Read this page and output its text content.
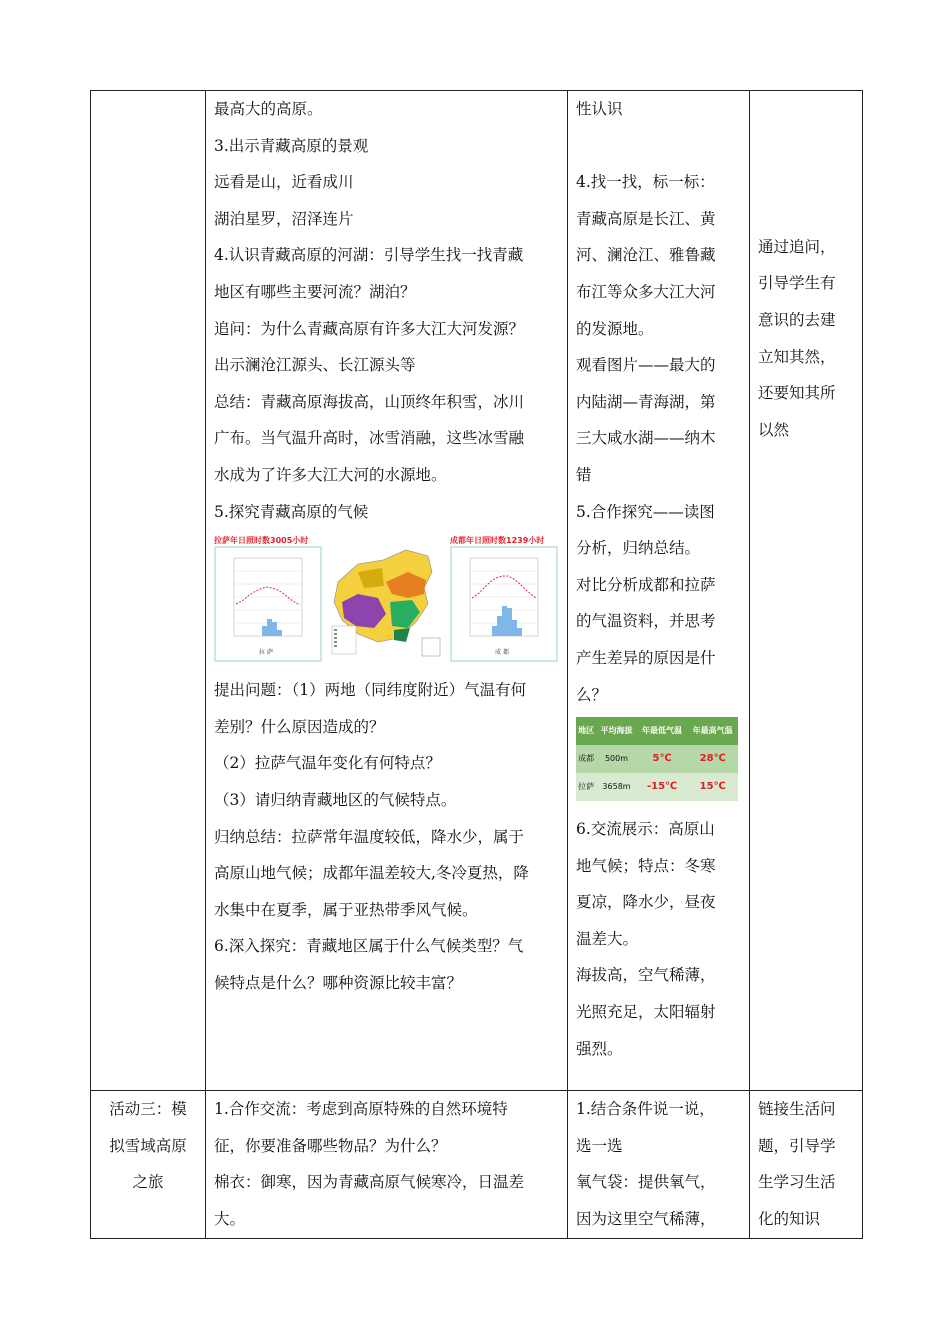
最高大的高原。
3.出示青藏高原的景观
远看是山，近看成川
湖泊星罗，沼泽连片
4.认识青藏高原的河湖：引导学生找一找青藏
地区有哪些主要河流？湖泊？
追问：为什么青藏高原有许多大江大河发源？
出示澜沧江源头、长江源头等
总结：青藏高原海拔高，山顶终年积雪，冰川
广布。当气温升高时，冰雪消融，这些冰雪融
水成为了许多大江大河的水源地。
5.探究青藏高原的气候
拉萨年日照时数3005小时
拉 萨
成都年日照时数1239小时
成 都
提出问题：（1）两地（同纬度附近）气温有何
差别？什么原因造成的？
（2）拉萨气温年变化有何特点？
（3）请归纳青藏地区的气候特点。
归纳总结：拉萨常年温度较低，降水少，属于
高原山地气候；成都年温差较大,冬冷夏热，降
水集中在夏季，属于亚热带季风气候。
6.深入探究：青藏地区属于什么气候类型？气
候特点是什么？哪种资源比较丰富？

性认识
4.找一找，标一标：
青藏高原是长江、黄
河、澜沧江、雅鲁藏
布江等众多大江大河
的发源地。
观看图片——最大的
内陆湖—青海湖，第
三大咸水湖——纳木
错
5.合作探究——读图
分析，归纳总结。
对比分析成都和拉萨
的气温资料，并思考
产生差异的原因是什
么？
地区	平均海拔	年最低气温	年最高气温
成都	500m	5℃	28℃
拉萨	3658m	-15℃	15℃
6.交流展示：高原山
地气候；特点：冬寒
夏凉，降水少，昼夜
温差大。
海拔高，空气稀薄，
光照充足，太阳辐射
强烈。

通过追问，
引导学生有
意识的去建
立知其然，
还要知其所
以然

活动三：模
拟雪域高原
之旅

1.合作交流：考虑到高原特殊的自然环境特
征，你要准备哪些物品？为什么？
棉衣：御寒，因为青藏高原气候寒冷，日温差
大。

1.结合条件说一说，
选一选
氧气袋：提供氧气，
因为这里空气稀薄，

链接生活问
题，引导学
生学习生活
化的知识
